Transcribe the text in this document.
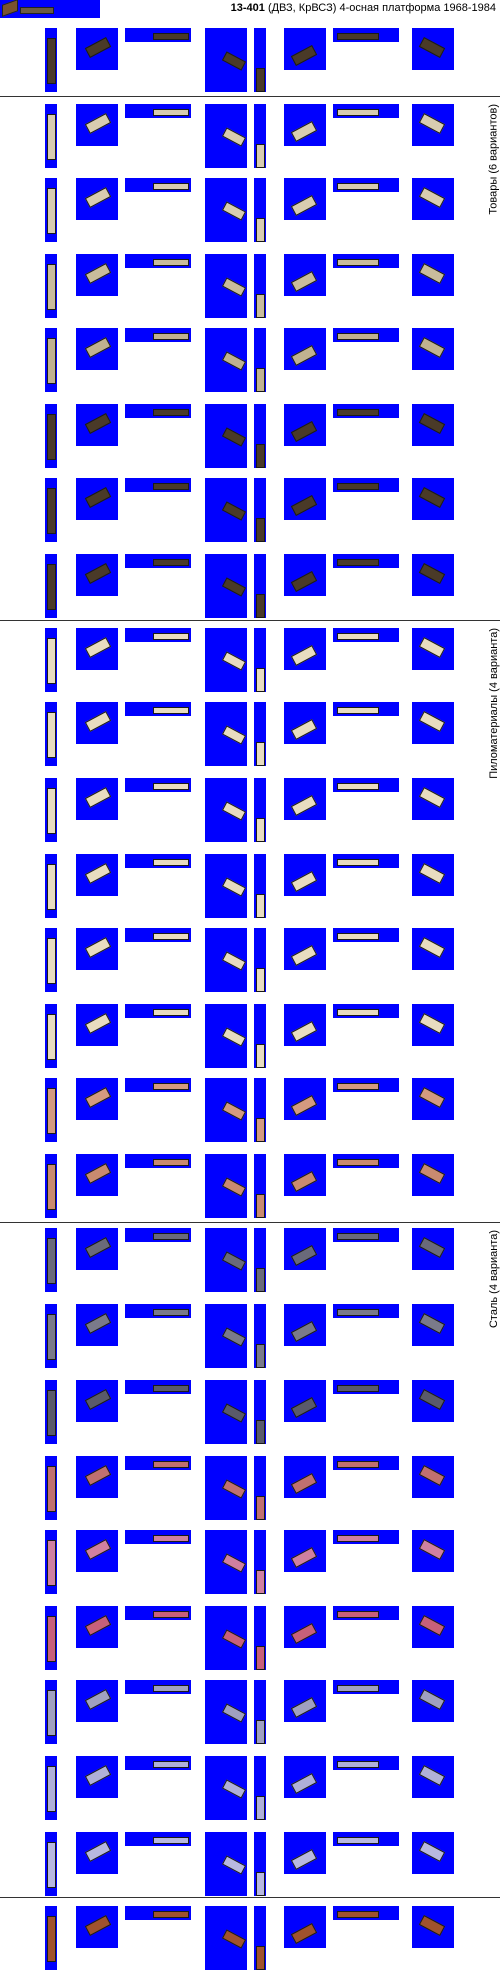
13-401 (ДВЗ, КрВСЗ) 4-осная платформа 1968-1984
Товары (6 вариантов)
Пиломатериалы (4 варианта)
Сталь (4 варианта)
